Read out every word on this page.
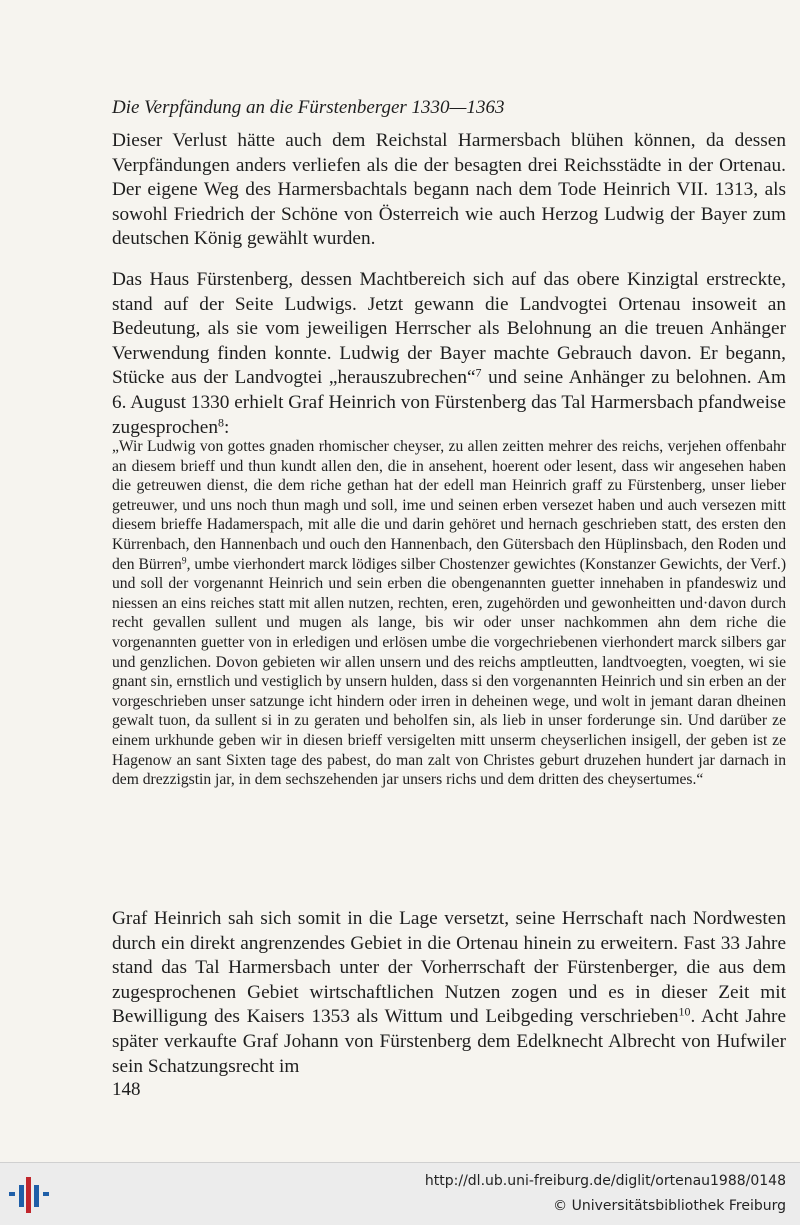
Die Verpfändung an die Fürstenberger 1330—1363

Dieser Verlust hätte auch dem Reichstal Harmersbach blühen können, da dessen Verpfändungen anders verliefen als die der besagten drei Reichsstädte in der Ortenau. Der eigene Weg des Harmersbachtals begann nach dem Tode Heinrich VII. 1313, als sowohl Friedrich der Schöne von Österreich wie auch Herzog Ludwig der Bayer zum deutschen König gewählt wurden.

Das Haus Fürstenberg, dessen Machtbereich sich auf das obere Kinzigtal erstreckte, stand auf der Seite Ludwigs. Jetzt gewann die Landvogtei Ortenau insoweit an Bedeutung, als sie vom jeweiligen Herrscher als Belohnung an die treuen Anhänger Verwendung finden konnte. Ludwig der Bayer machte Gebrauch davon. Er begann, Stücke aus der Landvogtei „herauszubrechen“$^7$ und seine Anhänger zu belohnen. Am 6. August 1330 erhielt Graf Heinrich von Fürstenberg das Tal Harmersbach pfandweise zugesprochen$^8$:

„Wir Ludwig von gottes gnaden rhomischer cheyser, zu allen zeitten mehrer des reichs, verjehen offenbahr an diesem brieff und thun kundt allen den, die in ansehent, hoerent oder lesent, dass wir angesehen haben die getreuwen dienst, die dem riche gethan hat der edell man Heinrich graff zu Fürstenberg, unser lieber getreuwer, und uns noch thun magh und soll, ime und seinen erben versezet haben und auch versezen mitt diesem brieffe Hadamerspach, mit alle die und darin gehöret und hernach geschrieben statt, des ersten den Kürrenbach, den Hannenbach und ouch den Hannenbach, den Gütersbach den Hüplinsbach, den Roden und den Bürren$^9$, umbe vierhondert marck lödiges silber Chostenzer gewichtes (Konstanzer Gewichts, der Verf.) und soll der vorgenannt Heinrich und sein erben die obengenannten guetter innehaben in pfandeswiz und niessen an eins reiches statt mit allen nutzen, rechten, eren, zugehörden und gewonheitten und·davon durch recht gevallen sullent und mugen als lange, bis wir oder unser nachkommen ahn dem riche die vorgenannten guetter von in erledigen und erlösen umbe die vorgechriebenen vierhondert marck silbers gar und genzlichen. Dovon gebieten wir allen unsern und des reichs amptleutten, landtvoegten, voegten, wi sie gnant sin, ernstlich und vestiglich by unsern hulden, dass si den vorgenannten Heinrich und sin erben an der vorgeschrieben unser satzunge icht hindern oder irren in deheinen wege, und wolt in jemant daran dheinen gewalt tuon, da sullent si in zu geraten und beholfen sin, als lieb in unser forderunge sin. Und darüber ze einem urkhunde geben wir in diesen brieff versigelten mitt unserm cheyserlichen insigell, der geben ist ze Hagenow an sant Sixten tage des pabest, do man zalt von Christes geburt druzehen hundert jar darnach in dem drezzigstin jar, in dem sechszehenden jar unsers richs und dem dritten des cheysertumes.“

Graf Heinrich sah sich somit in die Lage versetzt, seine Herrschaft nach Nordwesten durch ein direkt angrenzendes Gebiet in die Ortenau hinein zu erweitern. Fast 33 Jahre stand das Tal Harmersbach unter der Vorherrschaft der Fürstenberger, die aus dem zugesprochenen Gebiet wirtschaftlichen Nutzen zogen und es in dieser Zeit mit Bewilligung des Kaisers 1353 als Wittum und Leibgeding verschrieben$^{10}$. Acht Jahre später verkaufte Graf Johann von Fürstenberg dem Edelknecht Albrecht von Hufwiler sein Schatzungsrecht im

148
http://dl.ub.uni-freiburg.de/diglit/ortenau1988/0148
© Universitätsbibliothek Freiburg
